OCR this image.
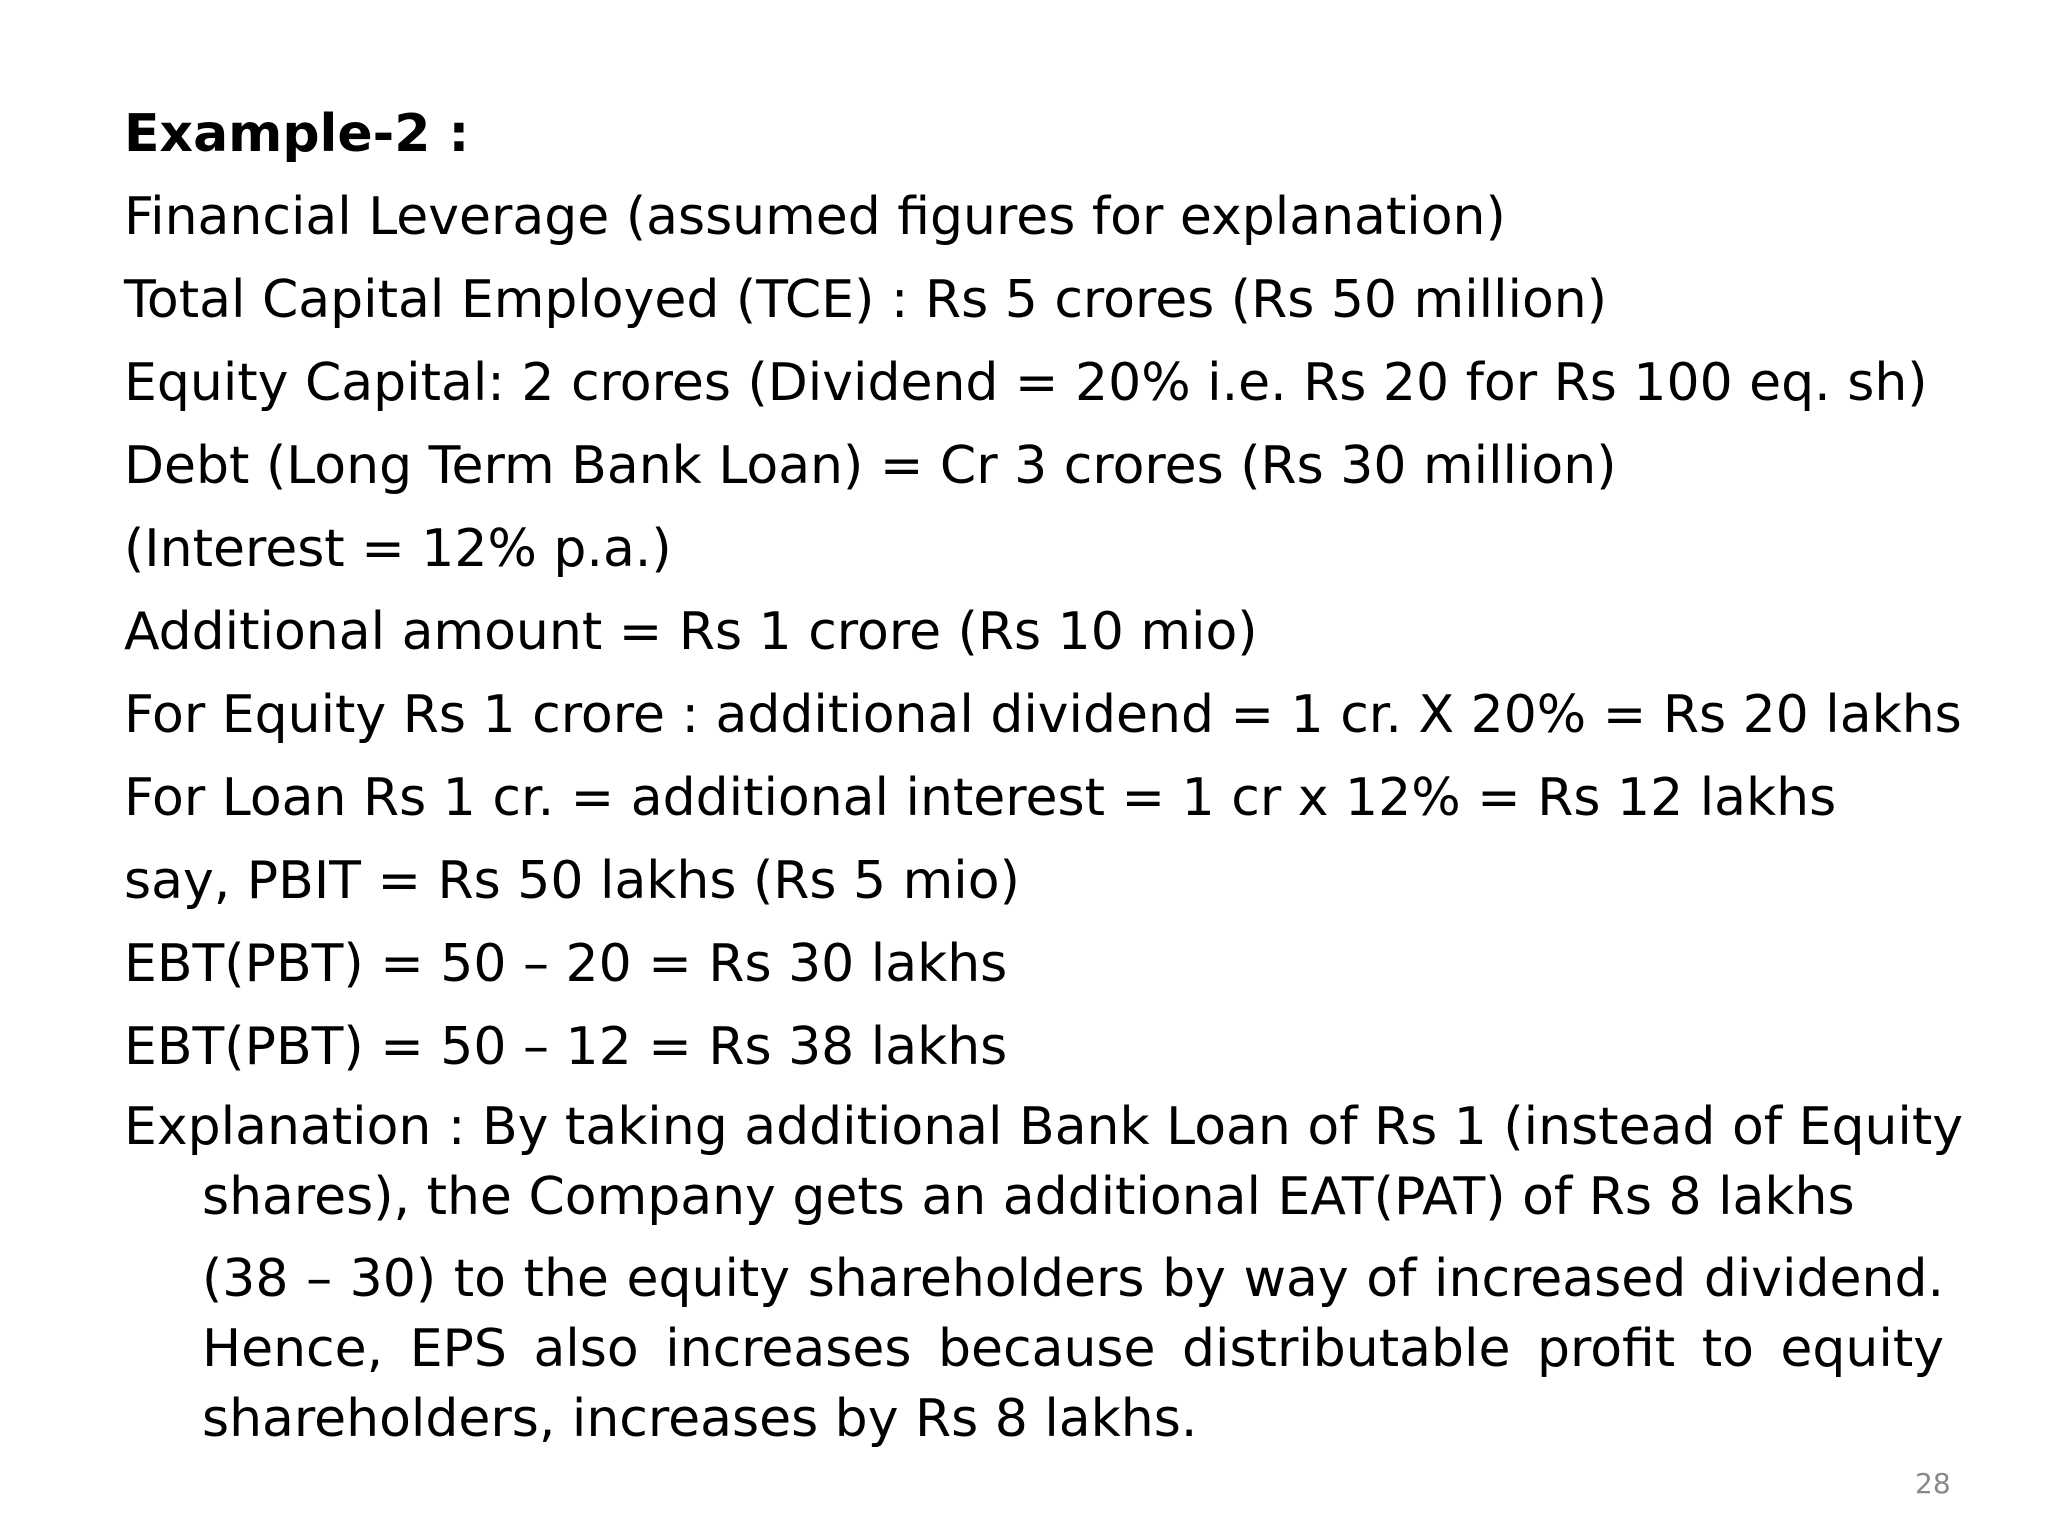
Example-2 :
Financial Leverage (assumed figures for explanation)
Total Capital Employed (TCE) : Rs 5 crores (Rs 50 million)
Equity Capital: 2 crores (Dividend = 20% i.e. Rs 20 for Rs 100 eq. sh)
Debt (Long Term Bank Loan) = Cr 3 crores (Rs 30 million)
(Interest = 12% p.a.)
Additional amount = Rs 1 crore (Rs 10 mio)
For Equity Rs 1 crore : additional dividend = 1 cr. X 20% = Rs 20 lakhs
For Loan Rs 1 cr. = additional interest = 1 cr x 12% = Rs 12 lakhs
say, PBIT = Rs 50 lakhs (Rs 5 mio)
EBT(PBT) = 50 – 20 = Rs 30 lakhs
EBT(PBT) = 50 – 12 = Rs 38 lakhs
Explanation : By taking additional Bank Loan of Rs 1 (instead of Equity
shares), the Company gets an additional EAT(PAT) of Rs 8 lakhs
(38 – 30) to the equity shareholders by way of increased dividend. Hence, EPS also increases because distributable profit to equity shareholders, increases by Rs 8 lakhs.
28
